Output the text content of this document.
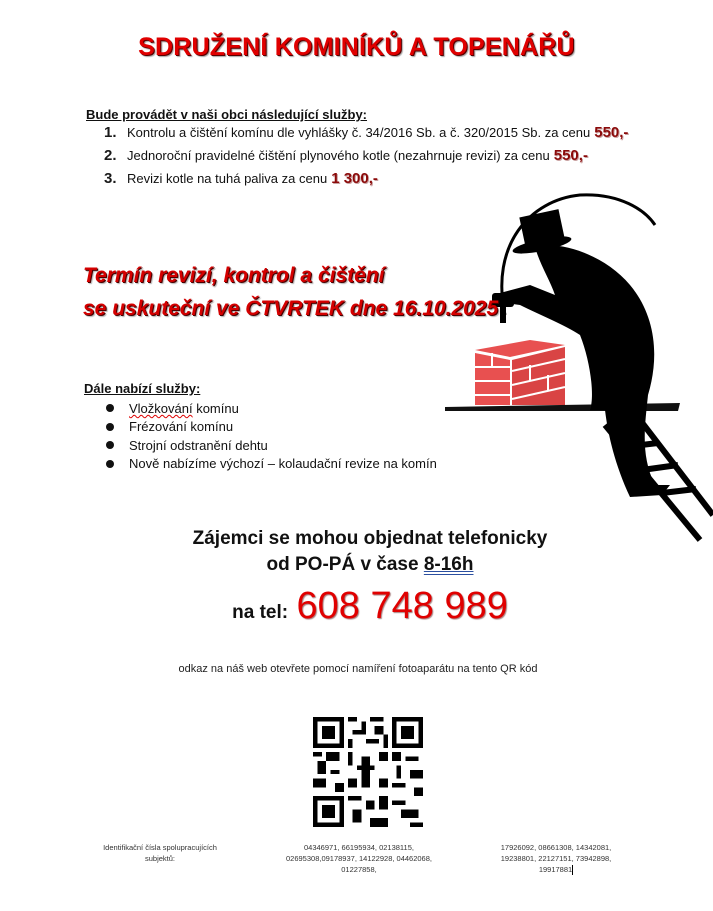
SDRUŽENÍ KOMINÍKŮ A TOPENÁŘŮ
Bude provádět v naši obci následující služby:
1. Kontrolu a čištění komínu dle vyhlášky č. 34/2016 Sb. a č. 320/2015 Sb. za cenu 550,-
2. Jednoroční pravidelné čištění plynového kotle (nezahrnuje revizi) za cenu 550,-
3. Revizi kotle na tuhá paliva za cenu 1 300,-
Termín revizí, kontrol a čištění
se uskuteční ve ČTVRTEK dne 16.10.2025
Dále nabízí služby:
Vložkování komínu
Frézování komínu
Strojní odstranění dehtu
Nově nabízíme výchozí – kolaudační revize na komín
Zájemci se mohou objednat telefonicky
od PO-PÁ v čase 8-16h
na tel: 608 748 989
odkaz na náš web otevřete pomocí namíření fotoaparátu na tento QR kód
Identifikační čísla spolupracujících subjektů:
04346971, 66195934, 02138115, 02695308,09178937, 14122928, 04462068, 01227858,
17926092, 08661308, 14342081, 19238801, 22127151, 73942898, 19917881
